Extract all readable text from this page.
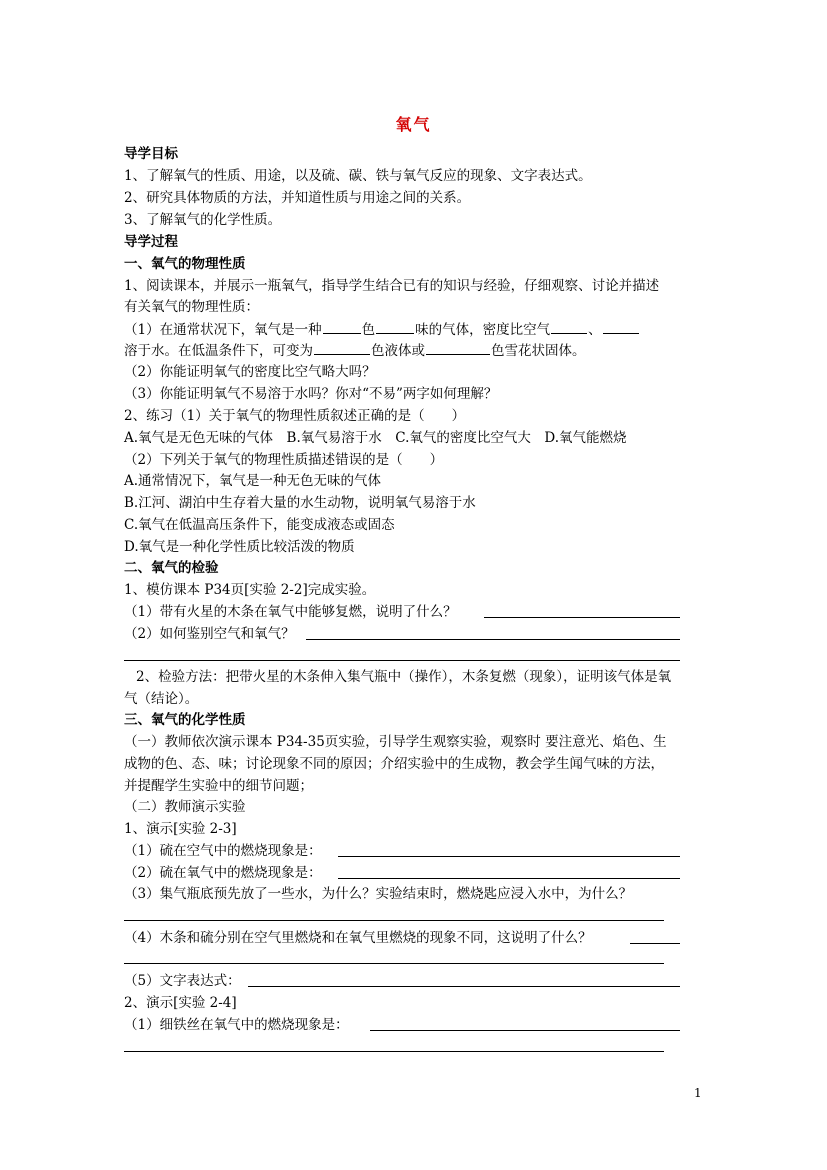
氧气
导学目标
1、了解氧气的性质、用途，以及硫、碳、铁与氧气反应的现象、文字表达式。
2、研究具体物质的方法，并知道性质与用途之间的关系。
3、了解氧气的化学性质。
导学过程
一、氧气的物理性质
1、阅读课本，并展示一瓶氧气，指导学生结合已有的知识与经验，仔细观察、讨论并描述
有关氧气的物理性质：
（1）在通常状况下，氧气是一种	色	味的气体，密度比空气	、
溶于水。在低温条件下，可变为	色液体或	色雪花状固体。
（2）你能证明氧气的密度比空气略大吗？
（3）你能证明氧气不易溶于水吗？你对“不易”两字如何理解？
2、练习（1）关于氧气的物理性质叙述正确的是（　　）
A.氧气是无色无味的气体　B.氧气易溶于水　C.氧气的密度比空气大　D.氧气能燃烧
（2）下列关于氧气的物理性质描述错误的是（　　）
A.通常情况下，氧气是一种无色无味的气体
B.江河、湖泊中生存着大量的水生动物，说明氧气易溶于水
C.氧气在低温高压条件下，能变成液态或固态
D.氧气是一种化学性质比较活泼的物质
二、氧气的检验
1、模仿课本 P34页[实验 2-2]完成实验。
（1）带有火星的木条在氧气中能够复燃，说明了什么？
（2）如何鉴别空气和氧气？
2、检验方法：把带火星的木条伸入集气瓶中（操作），木条复燃（现象），证明该气体是氧
气（结论）。
三、氧气的化学性质
（一）教师依次演示课本 P34-35页实验，引导学生观察实验，观察时 要注意光、焰色、生
成物的色、态、味；讨论现象不同的原因；介绍实验中的生成物，教会学生闻气味的方法，
并提醒学生实验中的细节问题；
（二）教师演示实验
1、演示[实验 2-3]
（1）硫在空气中的燃烧现象是：
（2）硫在氧气中的燃烧现象是：
（3）集气瓶底预先放了一些水，为什么？实验结束时，燃烧匙应浸入水中，为什么？
（4）木条和硫分别在空气里燃烧和在氧气里燃烧的现象不同，这说明了什么？
（5）文字表达式：
2、演示[实验 2-4]
（1）细铁丝在氧气中的燃烧现象是：
1
